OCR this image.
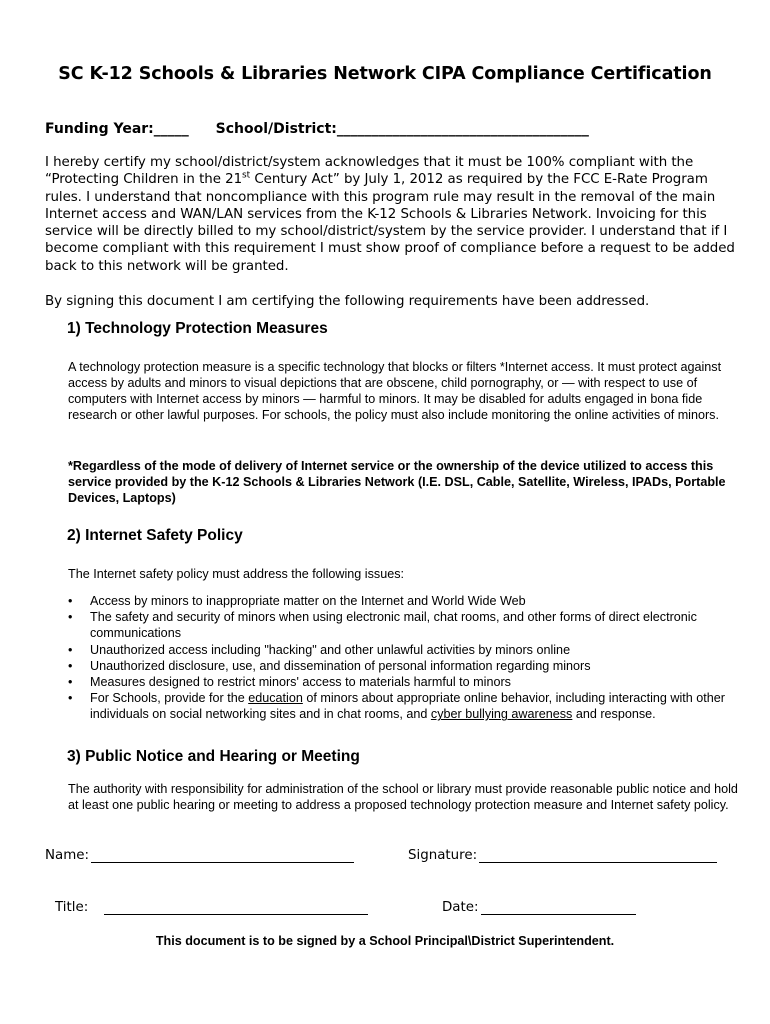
SC K-12 Schools & Libraries Network CIPA Compliance Certification
Funding Year:_____ School/District:____________________________________

I hereby certify my school/district/system acknowledges that it must be 100% compliant with the “Protecting Children in the 21st Century Act” by July 1, 2012 as required by the FCC E-Rate Program rules. I understand that noncompliance with this program rule may result in the removal of the main Internet access and WAN/LAN services from the K-12 Schools & Libraries Network. Invoicing for this service will be directly billed to my school/district/system by the service provider. I understand that if I become compliant with this requirement I must show proof of compliance before a request to be added back to this network will be granted.

By signing this document I am certifying the following requirements have been addressed.
1) Technology Protection Measures

A technology protection measure is a specific technology that blocks or filters *Internet access. It must protect against access by adults and minors to visual depictions that are obscene, child pornography, or — with respect to use of computers with Internet access by minors — harmful to minors. It may be disabled for adults engaged in bona fide research or other lawful purposes. For schools, the policy must also include monitoring the online activities of minors.

*Regardless of the mode of delivery of Internet service or the ownership of the device utilized to access this service provided by the K-12 Schools & Libraries Network (I.E. DSL, Cable, Satellite, Wireless, IPADs, Portable Devices, Laptops)
2) Internet Safety Policy
The Internet safety policy must address the following issues:
• Access by minors to inappropriate matter on the Internet and World Wide Web
• The safety and security of minors when using electronic mail, chat rooms, and other forms of direct electronic communications
• Unauthorized access including "hacking" and other unlawful activities by minors online
• Unauthorized disclosure, use, and dissemination of personal information regarding minors
• Measures designed to restrict minors' access to materials harmful to minors
• For Schools, provide for the education of minors about appropriate online behavior, including interacting with other individuals on social networking sites and in chat rooms, and cyber bullying awareness and response.
3) Public Notice and Hearing or Meeting
The authority with responsibility for administration of the school or library must provide reasonable public notice and hold at least one public hearing or meeting to address a proposed technology protection measure and Internet safety policy.
Name:	Signature:
Title:	Date:
This document is to be signed by a School Principal\District Superintendent.
